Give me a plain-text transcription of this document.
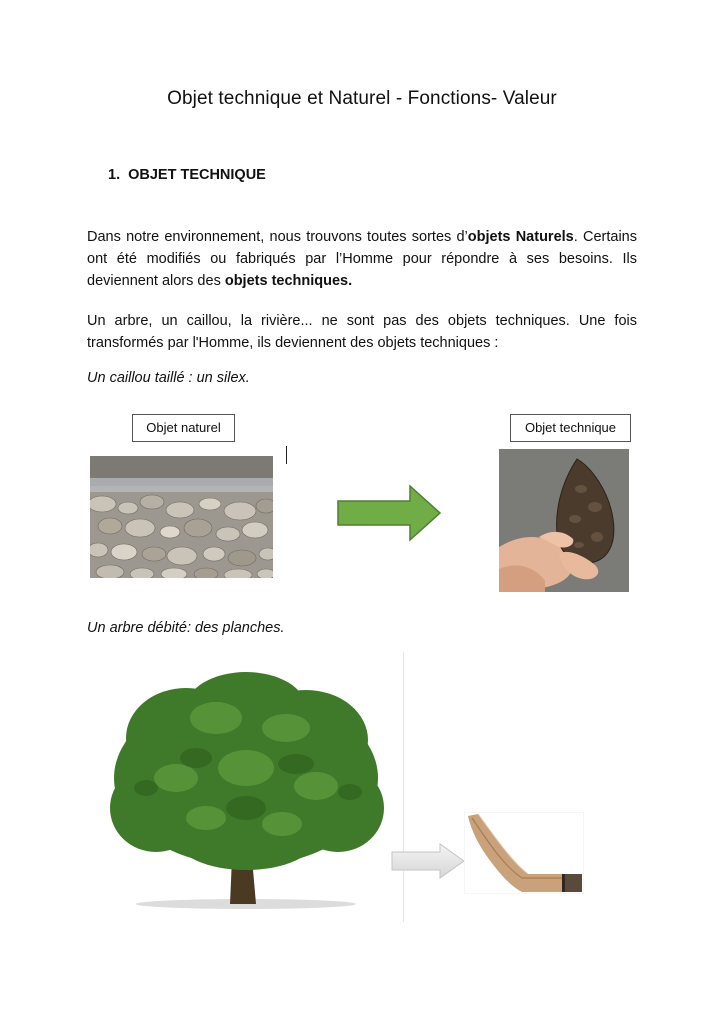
Objet technique et Naturel - Fonctions- Valeur
1. OBJET TECHNIQUE
Dans notre environnement, nous trouvons toutes sortes d’objets Naturels. Certains ont été modifiés ou fabriqués par l’Homme pour répondre à ses besoins. Ils deviennent alors des objets techniques.
Un arbre, un caillou, la rivière... ne sont pas des objets techniques. Une fois transformés par l'Homme, ils deviennent des objets techniques :
Un caillou taillé : un silex.
Objet naturel	Objet technique
Un arbre débité: des planches.
